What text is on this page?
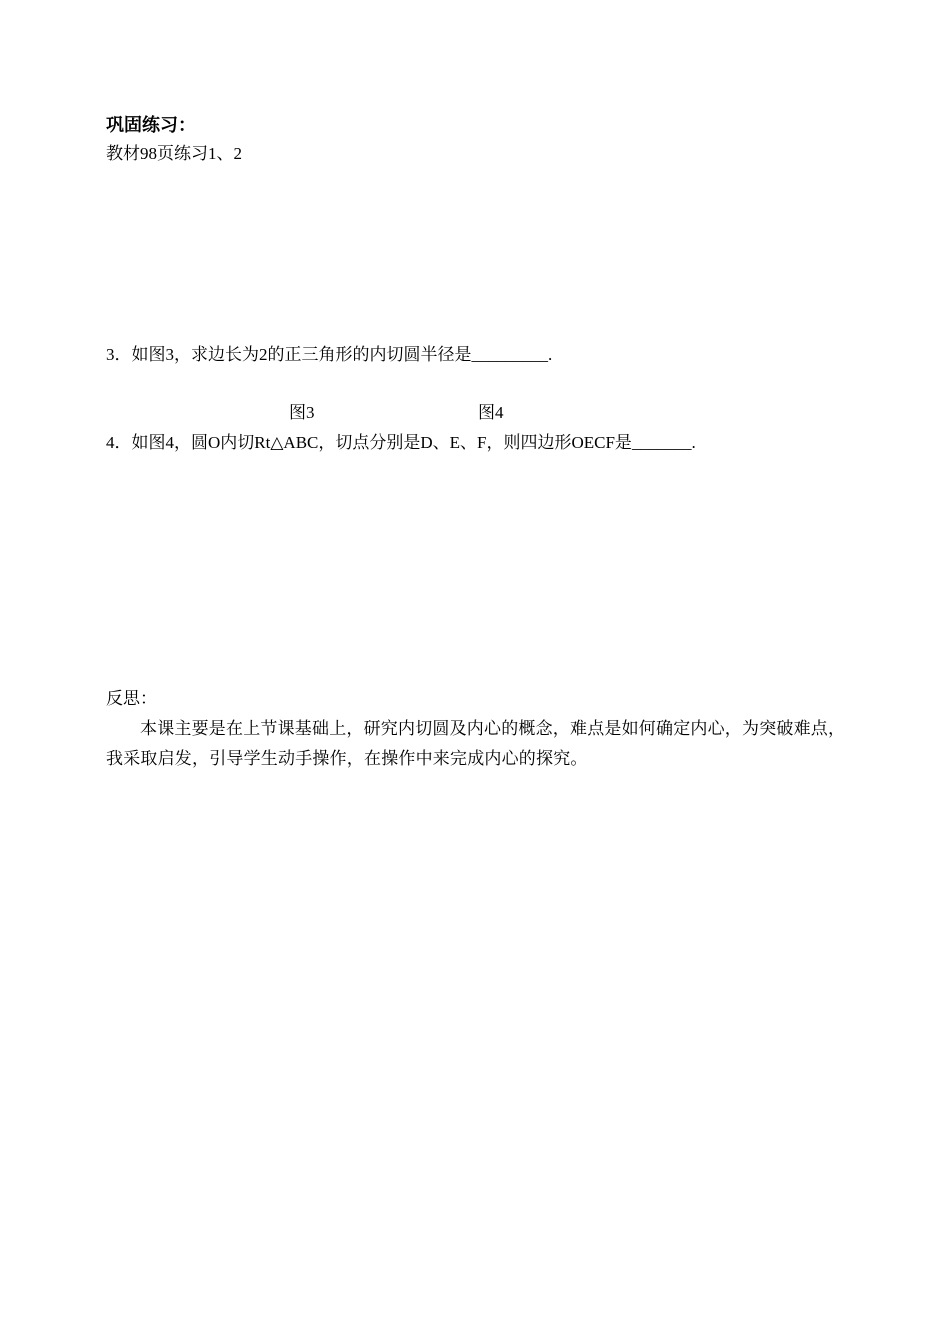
巩固练习：
教材98页练习1、2
3．如图3，求边长为2的正三角形的内切圆半径是_________.
图3	图4
4．如图4，圆O内切Rt△ABC，切点分别是D、E、F，则四边形OECF是_______.
反思：
本课主要是在上节课基础上，研究内切圆及内心的概念，难点是如何确定内心，为突破难点，我采取启发，引导学生动手操作，在操作中来完成内心的探究。
